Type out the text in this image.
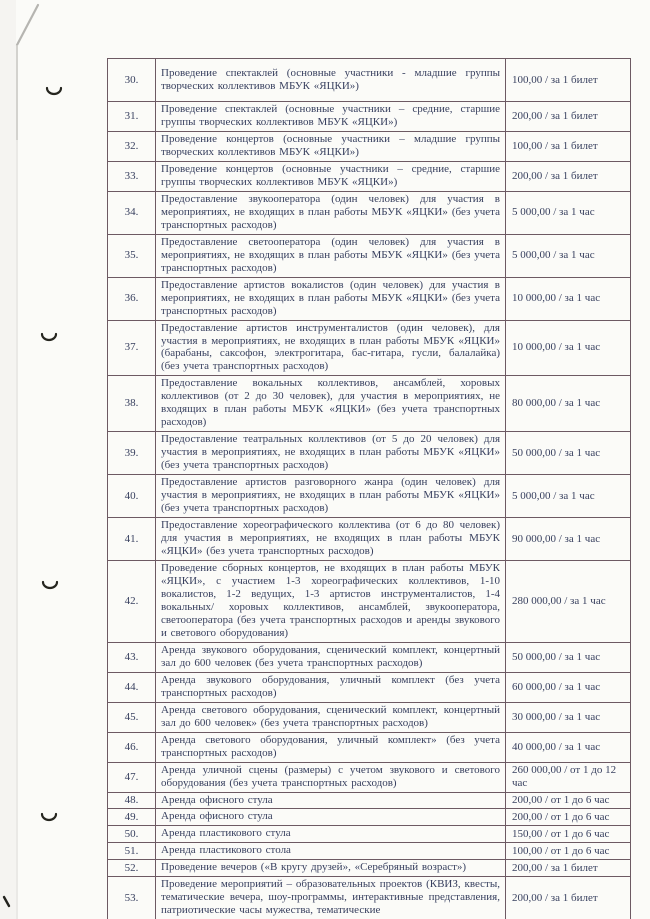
30.	Проведение спектаклей (основные участники - младшие группы творческих коллективов МБУК «ЯЦКИ»)	100,00 / за 1 билет
31.	Проведение спектаклей (основные участники – средние, старшие группы творческих коллективов МБУК «ЯЦКИ»)	200,00 / за 1 билет
32.	Проведение концертов (основные участники – младшие группы творческих коллективов МБУК «ЯЦКИ»)	100,00 / за 1 билет
33.	Проведение концертов (основные участники – средние, старшие группы творческих коллективов МБУК «ЯЦКИ»)	200,00 / за 1 билет
34.	Предоставление звукооператора (один человек) для участия в мероприятиях, не входящих в план работы МБУК «ЯЦКИ» (без учета транспортных расходов)	5 000,00 / за 1 час
35.	Предоставление светооператора (один человек) для участия в мероприятиях, не входящих в план работы МБУК «ЯЦКИ» (без учета транспортных расходов)	5 000,00 / за 1 час
36.	Предоставление артистов вокалистов (один человек) для участия в мероприятиях, не входящих в план работы МБУК «ЯЦКИ» (без учета транспортных расходов)	10 000,00 / за 1 час
37.	Предоставление артистов инструменталистов (один человек), для участия в мероприятиях, не входящих в план работы МБУК «ЯЦКИ» (барабаны, саксофон, электрогитара, бас-гитара, гусли, балалайка) (без учета транспортных расходов)	10 000,00 / за 1 час
38.	Предоставление вокальных коллективов, ансамблей, хоровых коллективов (от 2 до 30 человек), для участия в мероприятиях, не входящих в план работы МБУК «ЯЦКИ» (без учета транспортных расходов)	80 000,00 / за 1 час
39.	Предоставление театральных коллективов (от 5 до 20 человек) для участия в мероприятиях, не входящих в план работы МБУК «ЯЦКИ» (без учета транспортных расходов)	50 000,00 / за 1 час
40.	Предоставление артистов разговорного жанра (один человек) для участия в мероприятиях, не входящих в план работы МБУК «ЯЦКИ» (без учета транспортных расходов)	5 000,00 / за 1 час
41.	Предоставление хореографического коллектива (от 6 до 80 человек) для участия в мероприятиях, не входящих в план работы МБУК «ЯЦКИ» (без учета транспортных расходов)	90 000,00 / за 1 час
42.	Проведение сборных концертов, не входящих в план работы МБУК «ЯЦКИ», с участием 1-3 хореографических коллективов, 1-10 вокалистов, 1-2 ведущих, 1-3 артистов инструменталистов, 1-4 вокальных/ хоровых коллективов, ансамблей, звукооператора, светооператора (без учета транспортных расходов и аренды звукового и светового оборудования)	280 000,00 / за 1 час
43.	Аренда звукового оборудования, сценический комплект, концертный зал до 600 человек (без учета транспортных расходов)	50 000,00 / за 1 час
44.	Аренда звукового оборудования, уличный комплект (без учета транспортных расходов)	60 000,00 / за 1 час
45.	Аренда светового оборудования, сценический комплект, концертный зал до 600 человек» (без учета транспортных расходов)	30 000,00 / за 1 час
46.	Аренда светового оборудования, уличный комплект» (без учета транспортных расходов)	40 000,00 / за 1 час
47.	Аренда уличной сцены (размеры) с учетом звукового и светового оборудования (без учета транспортных расходов)	260 000,00 / от 1 до 12 час
48.	Аренда офисного стула	200,00 / от 1 до 6 час
49.	Аренда офисного стула	200,00 / от 1 до 6 час
50.	Аренда пластикового стула	150,00 / от 1 до 6 час
51.	Аренда пластикового стола	100,00 / от 1 до 6 час
52.	Проведение вечеров («В кругу друзей», «Серебряный возраст»)	200,00 / за 1 билет
53.	Проведение мероприятий – образовательных проектов (КВИЗ, квесты, тематические вечера, шоу-программы, интерактивные представления, патриотические часы мужества, тематические	200,00 / за 1 билет
